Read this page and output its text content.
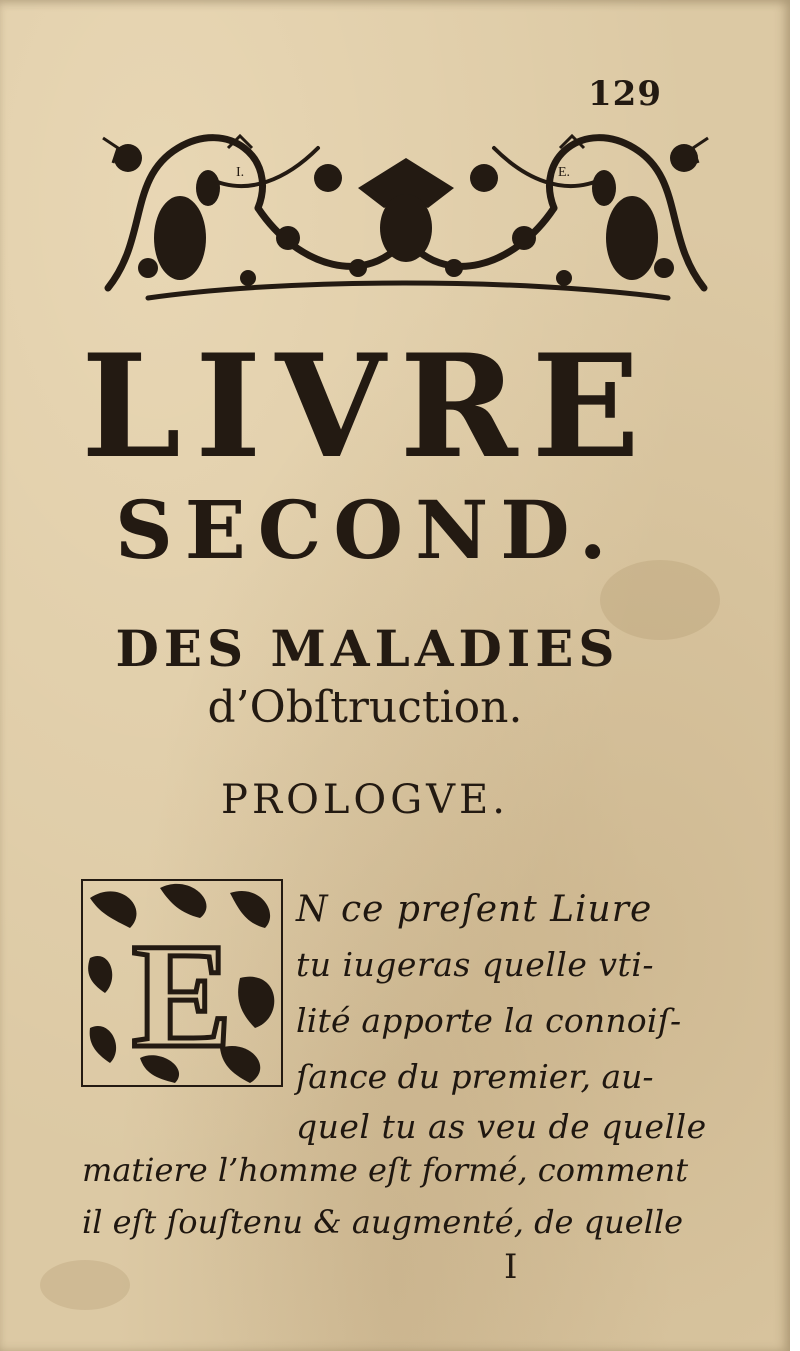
129
I.	E.
LIVRE
SECOND.
DES MALADIES
d’Obſtruction.
PROLOGVE.
E
N ce preſent Liure
tu iugeras quelle vti-
lité apporte la connoiſ-
ſance du premier, au-
quel tu as veu de quelle
matiere l’homme eſt formé, comment
il eſt ſouſtenu & augmenté, de quelle
I
